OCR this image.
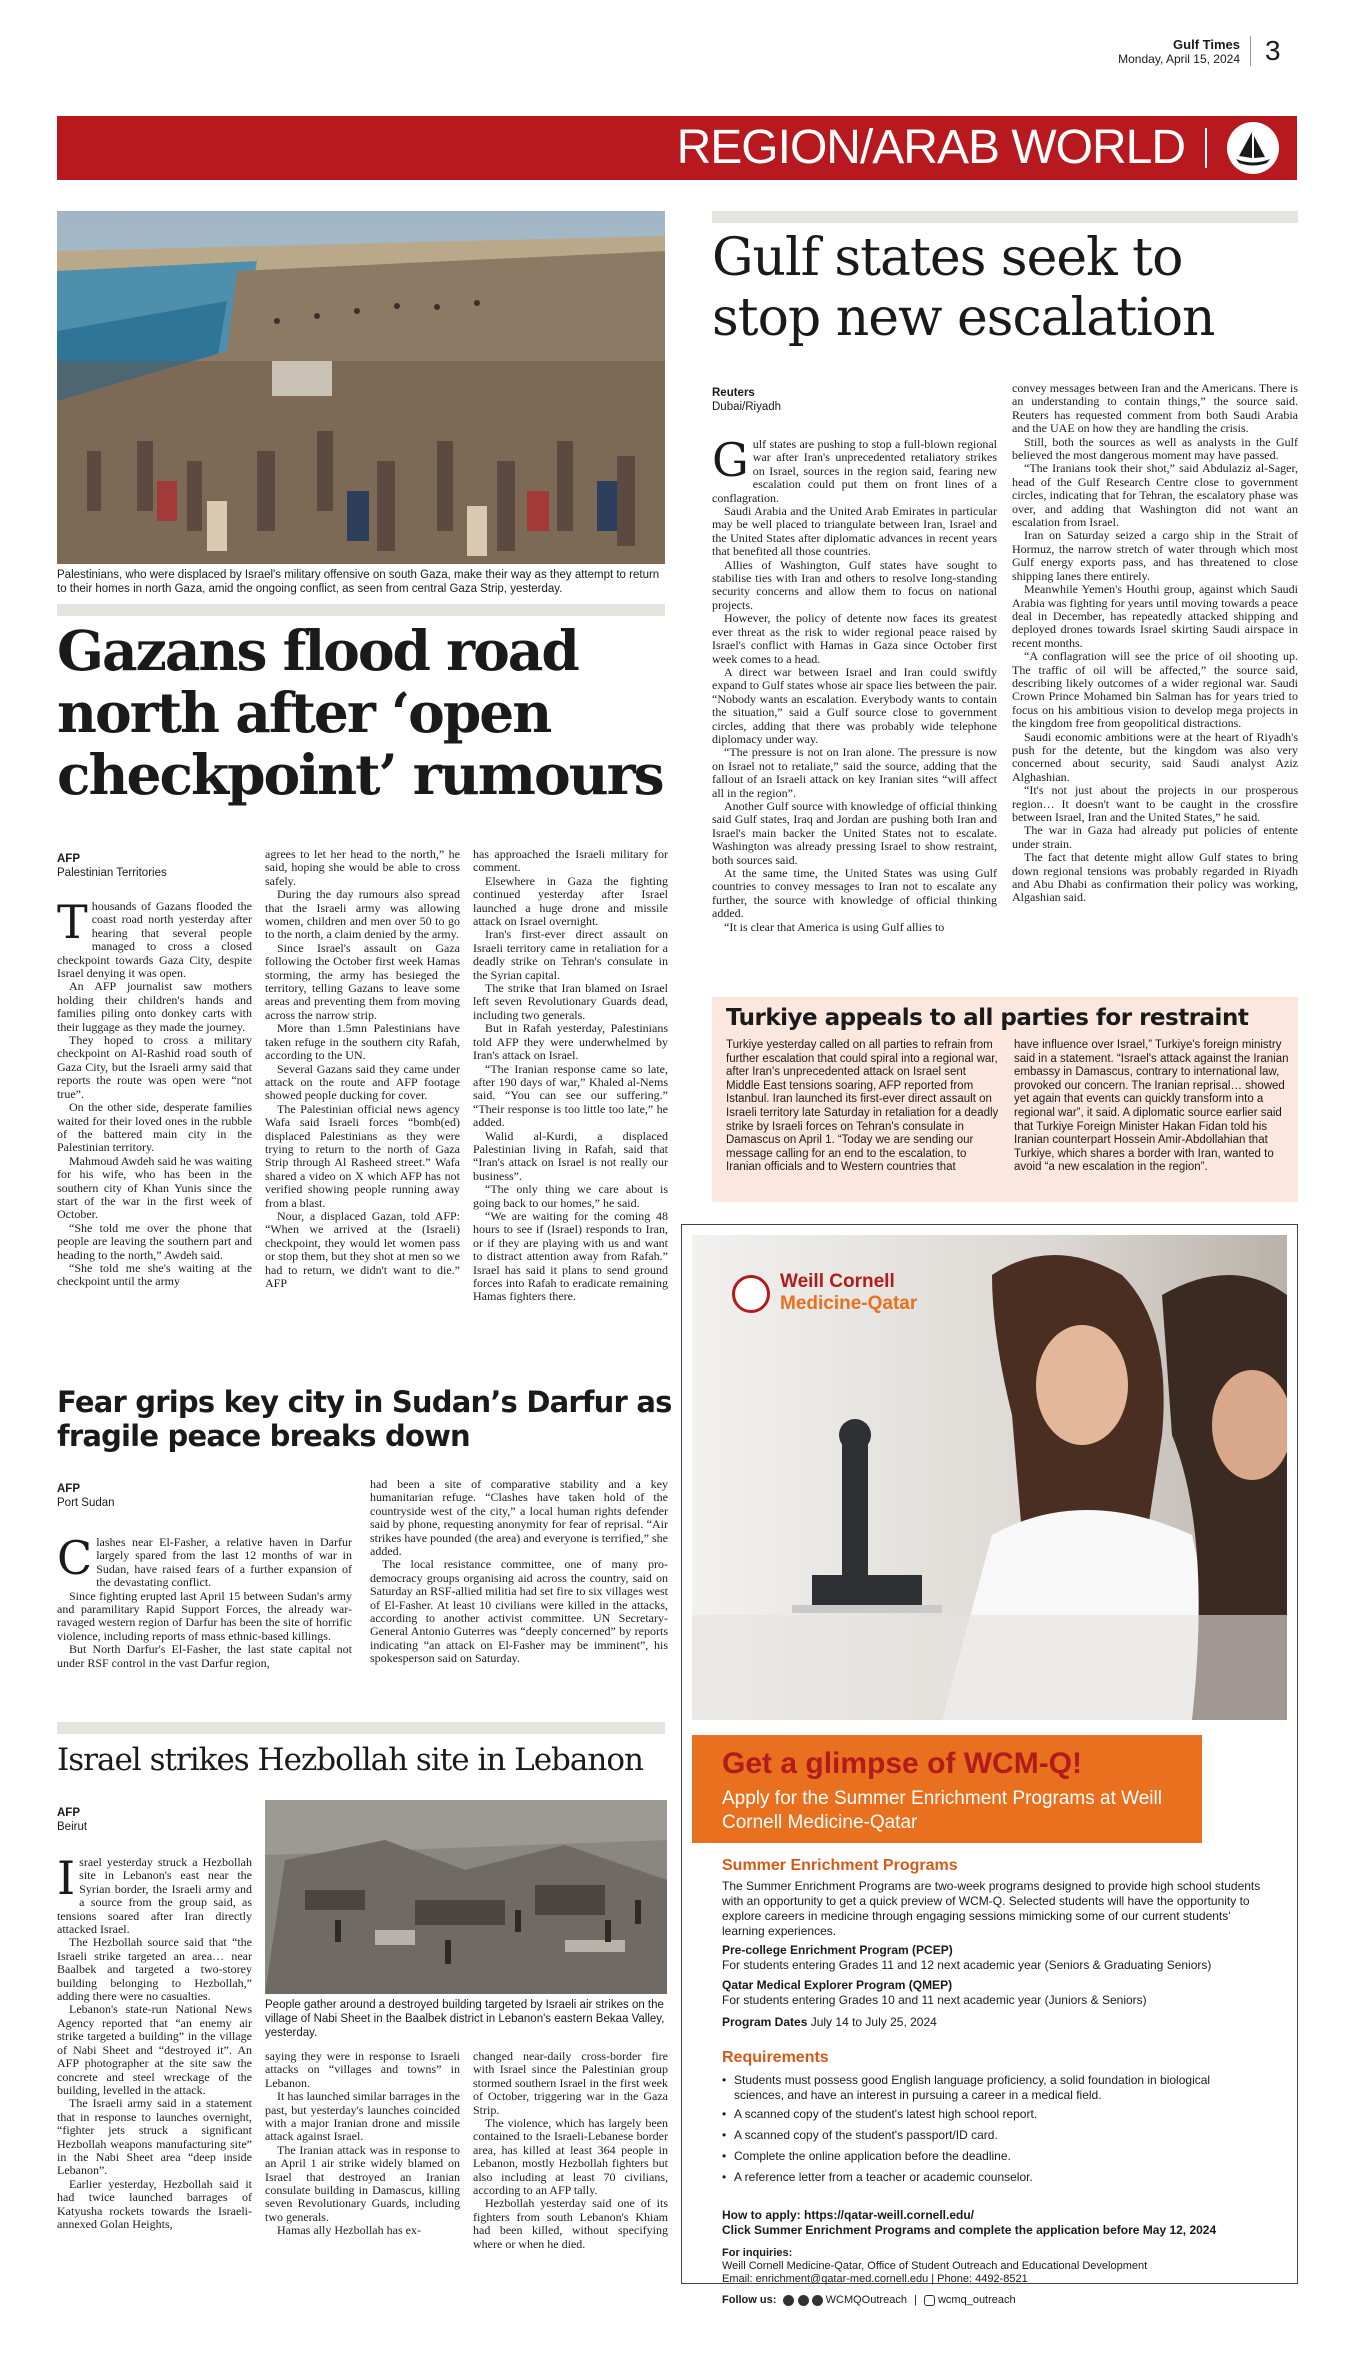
Gulf Times
Monday, April 15, 2024 3
REGION/ARAB WORLD
Palestinians, who were displaced by Israel's military offensive on south Gaza, make their way as they attempt to return to their homes in north Gaza, amid the ongoing conflict, as seen from central Gaza Strip, yesterday.
Gazans flood road north after ‘open checkpoint’ rumours
AFP
Palestinian Territories
T housands of Gazans flooded the coast road north yesterday after hearing that several people managed to cross a closed checkpoint towards Gaza City, despite Israel denying it was open.

An AFP journalist saw mothers holding their children's hands and families piling onto donkey carts with their luggage as they made the journey.

They hoped to cross a military checkpoint on Al-Rashid road south of Gaza City, but the Israeli army said that reports the route was open were “not true”.

On the other side, desperate families waited for their loved ones in the rubble of the battered main city in the Palestinian territory.

Mahmoud Awdeh said he was waiting for his wife, who has been in the southern city of Khan Yunis since the start of the war in the first week of October.

“She told me over the phone that people are leaving the southern part and heading to the north,” Awdeh said.

“She told me she's waiting at the checkpoint until the army

agrees to let her head to the north,” he said, hoping she would be able to cross safely.

During the day rumours also spread that the Israeli army was allowing women, children and men over 50 to go to the north, a claim denied by the army.

Since Israel's assault on Gaza following the October first week Hamas storming, the army has besieged the territory, telling Gazans to leave some areas and preventing them from moving across the narrow strip.

More than 1.5mn Palestinians have taken refuge in the southern city Rafah, according to the UN.

Several Gazans said they came under attack on the route and AFP footage showed people ducking for cover.

The Palestinian official news agency Wafa said Israeli forces “bomb(ed) displaced Palestinians as they were trying to return to the north of Gaza Strip through Al Rasheed street.” Wafa shared a video on X which AFP has not verified showing people running away from a blast.

Nour, a displaced Gazan, told AFP: “When we arrived at the (Israeli) checkpoint, they would let women pass or stop them, but they shot at men so we had to return, we didn't want to die.” AFP

has approached the Israeli military for comment.

Elsewhere in Gaza the fighting continued yesterday after Israel launched a huge drone and missile attack on Israel overnight.

Iran's first-ever direct assault on Israeli territory came in retaliation for a deadly strike on Tehran's consulate in the Syrian capital.

The strike that Iran blamed on Israel left seven Revolutionary Guards dead, including two generals.

But in Rafah yesterday, Palestinians told AFP they were underwhelmed by Iran's attack on Israel.

“The Iranian response came so late, after 190 days of war,” Khaled al-Nems said. “You can see our suffering.” “Their response is too little too late,” he added.

Walid al-Kurdi, a displaced Palestinian living in Rafah, said that “Iran's attack on Israel is not really our business”.

“The only thing we care about is going back to our homes,” he said.

“We are waiting for the coming 48 hours to see if (Israel) responds to Iran, or if they are playing with us and want to distract attention away from Rafah.” Israel has said it plans to send ground forces into Rafah to eradicate remaining Hamas fighters there.

Fear grips key city in Sudan’s Darfur as fragile peace breaks down
AFP
Port Sudan
C lashes near El-Fasher, a relative haven in Darfur largely spared from the last 12 months of war in Sudan, have raised fears of a further expansion of the devastating conflict.

Since fighting erupted last April 15 between Sudan's army and paramilitary Rapid Support Forces, the already war-ravaged western region of Darfur has been the site of horrific violence, including reports of mass ethnic-based killings.

But North Darfur's El-Fasher, the last state capital not under RSF control in the vast Darfur region,

had been a site of comparative stability and a key humanitarian refuge. “Clashes have taken hold of the countryside west of the city,” a local human rights defender said by phone, requesting anonymity for fear of reprisal. “Air strikes have pounded (the area) and everyone is terrified,” she added.

The local resistance committee, one of many pro-democracy groups organising aid across the country, said on Saturday an RSF-allied militia had set fire to six villages west of El-Fasher. At least 10 civilians were killed in the attacks, according to another activist committee. UN Secretary-General Antonio Guterres was “deeply concerned” by reports indicating “an attack on El-Fasher may be imminent”, his spokesperson said on Saturday.

Israel strikes Hezbollah site in Lebanon
AFP
Beirut
I srael yesterday struck a Hezbollah site in Lebanon's east near the Syrian border, the Israeli army and a source from the group said, as tensions soared after Iran directly attacked Israel.

The Hezbollah source said that “the Israeli strike targeted an area… near Baalbek and targeted a two-storey building belonging to Hezbollah,” adding there were no casualties.

Lebanon's state-run National News Agency reported that “an enemy air strike targeted a building” in the village of Nabi Sheet and “destroyed it”. An AFP photographer at the site saw the concrete and steel wreckage of the building, levelled in the attack.

The Israeli army said in a statement that in response to launches overnight, “fighter jets struck a significant Hezbollah weapons manufacturing site” in the Nabi Sheet area “deep inside Lebanon”.

Earlier yesterday, Hezbollah said it had twice launched barrages of Katyusha rockets towards the Israeli-annexed Golan Heights,

People gather around a destroyed building targeted by Israeli air strikes on the village of Nabi Sheet in the Baalbek district in Lebanon's eastern Bekaa Valley, yesterday.

saying they were in response to Israeli attacks on “villages and towns” in Lebanon.

It has launched similar barrages in the past, but yesterday's launches coincided with a major Iranian drone and missile attack against Israel.

The Iranian attack was in response to an April 1 air strike widely blamed on Israel that destroyed an Iranian consulate building in Damascus, killing seven Revolutionary Guards, including two generals.

Hamas ally Hezbollah has ex-

changed near-daily cross-border fire with Israel since the Palestinian group stormed southern Israel in the first week of October, triggering war in the Gaza Strip.

The violence, which has largely been contained to the Israeli-Lebanese border area, has killed at least 364 people in Lebanon, mostly Hezbollah fighters but also including at least 70 civilians, according to an AFP tally.

Hezbollah yesterday said one of its fighters from south Lebanon's Khiam had been killed, without specifying where or when he died.

Gulf states seek to stop new escalation
Reuters
Dubai/Riyadh
G ulf states are pushing to stop a full-blown regional war after Iran's unprecedented retaliatory strikes on Israel, sources in the region said, fearing new escalation could put them on front lines of a conflagration.

Saudi Arabia and the United Arab Emirates in particular may be well placed to triangulate between Iran, Israel and the United States after diplomatic advances in recent years that benefited all those countries.

Allies of Washington, Gulf states have sought to stabilise ties with Iran and others to resolve long-standing security concerns and allow them to focus on national projects.

However, the policy of detente now faces its greatest ever threat as the risk to wider regional peace raised by Israel's conflict with Hamas in Gaza since October first week comes to a head.

A direct war between Israel and Iran could swiftly expand to Gulf states whose air space lies between the pair. “Nobody wants an escalation. Everybody wants to contain the situation,” said a Gulf source close to government circles, adding that there was probably wide telephone diplomacy under way.

“The pressure is not on Iran alone. The pressure is now on Israel not to retaliate,” said the source, adding that the fallout of an Israeli attack on key Iranian sites “will affect all in the region”.

Another Gulf source with knowledge of official thinking said Gulf states, Iraq and Jordan are pushing both Iran and Israel's main backer the United States not to escalate. Washington was already pressing Israel to show restraint, both sources said.

At the same time, the United States was using Gulf countries to convey messages to Iran not to escalate any further, the source with knowledge of official thinking added.

“It is clear that America is using Gulf allies to

convey messages between Iran and the Americans. There is an understanding to contain things,” the source said. Reuters has requested comment from both Saudi Arabia and the UAE on how they are handling the crisis.

Still, both the sources as well as analysts in the Gulf believed the most dangerous moment may have passed.

“The Iranians took their shot,” said Abdulaziz al-Sager, head of the Gulf Research Centre close to government circles, indicating that for Tehran, the escalatory phase was over, and adding that Washington did not want an escalation from Israel.

Iran on Saturday seized a cargo ship in the Strait of Hormuz, the narrow stretch of water through which most Gulf energy exports pass, and has threatened to close shipping lanes there entirely.

Meanwhile Yemen's Houthi group, against which Saudi Arabia was fighting for years until moving towards a peace deal in December, has repeatedly attacked shipping and deployed drones towards Israel skirting Saudi airspace in recent months.

“A conflagration will see the price of oil shooting up. The traffic of oil will be affected,” the source said, describing likely outcomes of a wider regional war. Saudi Crown Prince Mohamed bin Salman has for years tried to focus on his ambitious vision to develop mega projects in the kingdom free from geopolitical distractions.

Saudi economic ambitions were at the heart of Riyadh's push for the detente, but the kingdom was also very concerned about security, said Saudi analyst Aziz Alghashian.

“It's not just about the projects in our prosperous region… It doesn't want to be caught in the crossfire between Israel, Iran and the United States,” he said.

The war in Gaza had already put policies of entente under strain.

The fact that detente might allow Gulf states to bring down regional tensions was probably regarded in Riyadh and Abu Dhabi as confirmation their policy was working, Algashian said.

Turkiye appeals to all parties for restraint
Turkiye yesterday called on all parties to refrain from further escalation that could spiral into a regional war, after Iran's unprecedented attack on Israel sent Middle East tensions soaring, AFP reported from Istanbul. Iran launched its first-ever direct assault on Israeli territory late Saturday in retaliation for a deadly strike by Israeli forces on Tehran's consulate in Damascus on April 1. “Today we are sending our message calling for an end to the escalation, to Iranian officials and to Western countries that
have influence over Israel,” Turkiye's foreign ministry said in a statement. “Israel's attack against the Iranian embassy in Damascus, contrary to international law, provoked our concern. The Iranian reprisal… showed yet again that events can quickly transform into a regional war”, it said. A diplomatic source earlier said that Turkiye Foreign Minister Hakan Fidan told his Iranian counterpart Hossein Amir-Abdollahian that Turkiye, which shares a border with Iran, wanted to avoid “a new escalation in the region”.
Weill Cornell
Medicine-Qatar
Get a glimpse of WCM-Q!
Apply for the Summer Enrichment Programs at Weill Cornell Medicine-Qatar
Summer Enrichment Programs
The Summer Enrichment Programs are two-week programs designed to provide high school students with an opportunity to get a quick preview of WCM-Q. Selected students will have the opportunity to explore careers in medicine through engaging sessions mimicking some of our current students' learning experiences.
Pre-college Enrichment Program (PCEP)
For students entering Grades 11 and 12 next academic year (Seniors & Graduating Seniors)
Qatar Medical Explorer Program (QMEP)
For students entering Grades 10 and 11 next academic year (Juniors & Seniors)
Program Dates July 14 to July 25, 2024
Requirements
• Students must possess good English language proficiency, a solid foundation in biological sciences, and have an interest in pursuing a career in a medical field.
• A scanned copy of the student's latest high school report.
• A scanned copy of the student's passport/ID card.
• Complete the online application before the deadline.
• A reference letter from a teacher or academic counselor.
How to apply: https://qatar-weill.cornell.edu/
Click Summer Enrichment Programs and complete the application before May 12, 2024
For inquiries:
Weill Cornell Medicine-Qatar, Office of Student Outreach and Educational Development
Email: enrichment@qatar-med.cornell.edu | Phone: 4492-8521
Follow us:	WCMQOutreach | wcmq_outreach
